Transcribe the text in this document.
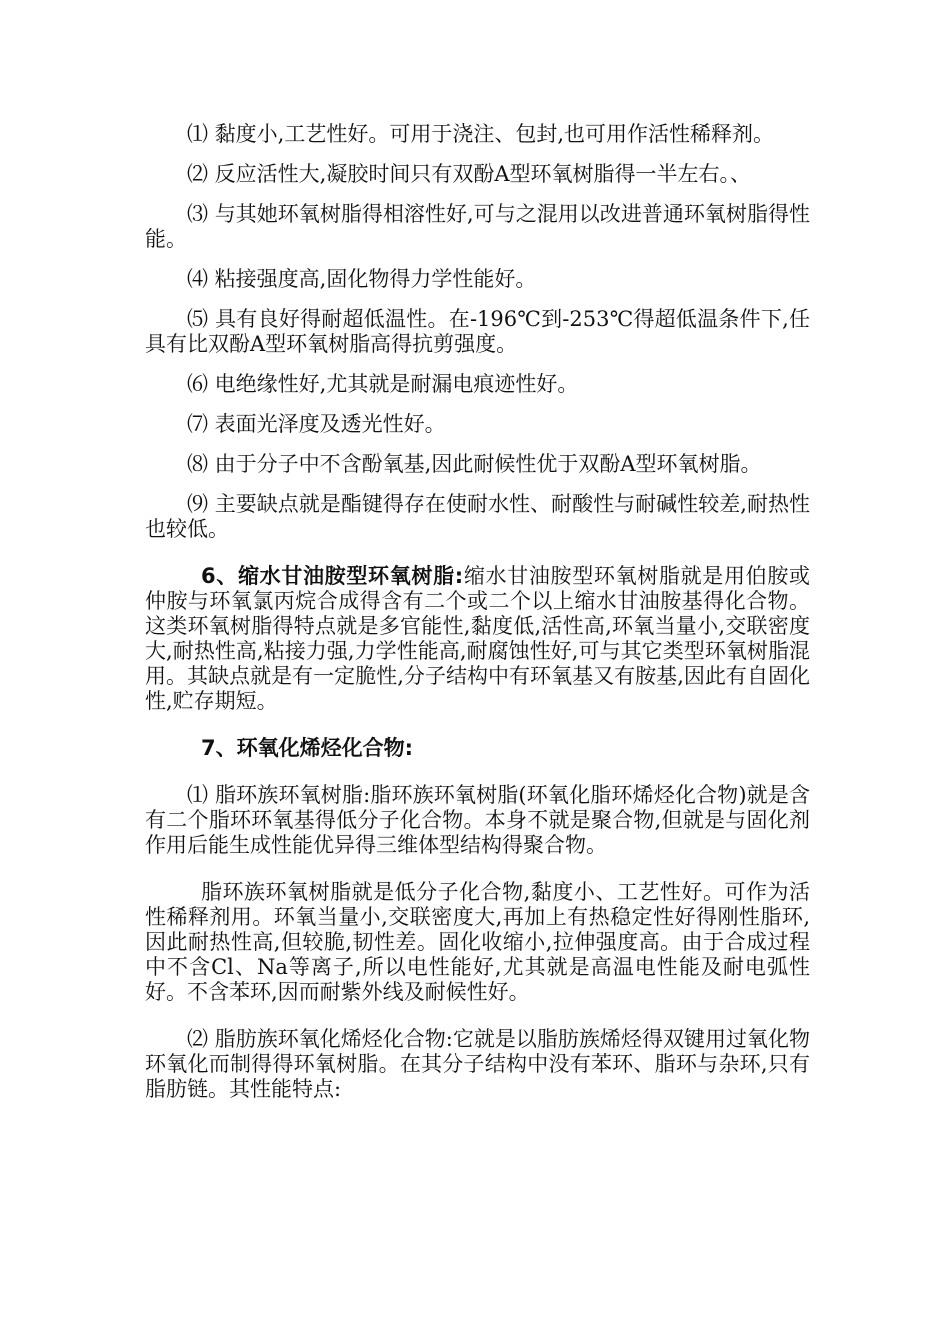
⑴ 黏度小,工艺性好。可用于浇注、包封,也可用作活性稀释剂。

⑵ 反应活性大,凝胶时间只有双酚A型环氧树脂得一半左右。、

⑶ 与其她环氧树脂得相溶性好,可与之混用以改进普通环氧树脂得性能。

⑷ 粘接强度高,固化物得力学性能好。

⑸ 具有良好得耐超低温性。在-196℃到-253℃得超低温条件下,任具有比双酚A型环氧树脂高得抗剪强度。

⑹ 电绝缘性好,尤其就是耐漏电痕迹性好。

⑺ 表面光泽度及透光性好。

⑻ 由于分子中不含酚氧基,因此耐候性优于双酚A型环氧树脂。

⑼ 主要缺点就是酯键得存在使耐水性、耐酸性与耐碱性较差,耐热性也较低。

6、缩水甘油胺型环氧树脂:缩水甘油胺型环氧树脂就是用伯胺或仲胺与环氧氯丙烷合成得含有二个或二个以上缩水甘油胺基得化合物。这类环氧树脂得特点就是多官能性,黏度低,活性高,环氧当量小,交联密度大,耐热性高,粘接力强,力学性能高,耐腐蚀性好,可与其它类型环氧树脂混用。其缺点就是有一定脆性,分子结构中有环氧基又有胺基,因此有自固化性,贮存期短。

7、环氧化烯烃化合物:

⑴ 脂环族环氧树脂:脂环族环氧树脂(环氧化脂环烯烃化合物)就是含有二个脂环环氧基得低分子化合物。本身不就是聚合物,但就是与固化剂作用后能生成性能优异得三维体型结构得聚合物。

脂环族环氧树脂就是低分子化合物,黏度小、工艺性好。可作为活性稀释剂用。环氧当量小,交联密度大,再加上有热稳定性好得刚性脂环,因此耐热性高,但较脆,韧性差。固化收缩小,拉伸强度高。由于合成过程中不含Cl、Na等离子,所以电性能好,尤其就是高温电性能及耐电弧性好。不含苯环,因而耐紫外线及耐候性好。

⑵ 脂肪族环氧化烯烃化合物:它就是以脂肪族烯烃得双键用过氧化物环氧化而制得得环氧树脂。在其分子结构中没有苯环、脂环与杂环,只有脂肪链。其性能特点:
